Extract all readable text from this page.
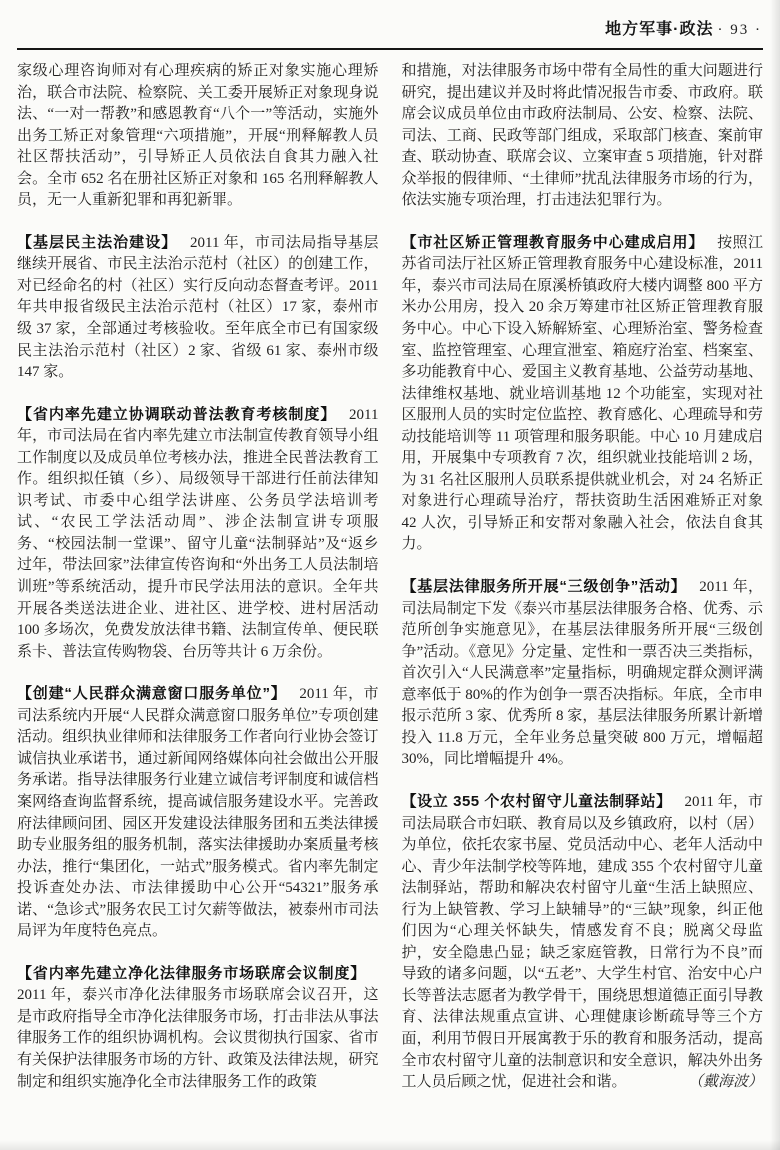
地方军事·政法 · 93 ·

家级心理咨询师对有心理疾病的矫正对象实施心理矫治，联合市法院、检察院、关工委开展矫正对象现身说法、“一对一帮教”和感恩教育“八个一”等活动，实施外出务工矫正对象管理“六项措施”，开展“刑释解教人员社区帮扶活动”，引导矫正人员依法自食其力融入社会。全市 652 名在册社区矫正对象和 165 名刑释解教人员，无一人重新犯罪和再犯新罪。

【基层民主法治建设】 2011 年，市司法局指导基层继续开展省、市民主法治示范村（社区）的创建工作，对已经命名的村（社区）实行反向动态督查考评。2011 年共申报省级民主法治示范村（社区）17 家，泰州市级 37 家，全部通过考核验收。至年底全市已有国家级民主法治示范村（社区）2 家、省级 61 家、泰州市级 147 家。

【省内率先建立协调联动普法教育考核制度】 2011 年，市司法局在省内率先建立市法制宣传教育领导小组工作制度以及成员单位考核办法，推进全民普法教育工作。组织拟任镇（乡）、局级领导干部进行任前法律知识考试、市委中心组学法讲座、公务员学法培训考试、“农民工学法活动周”、涉企法制宣讲专项服务、“校园法制一堂课”、留守儿童“法制驿站”及“返乡过年，带法回家”法律宣传咨询和“外出务工人员法制培训班”等系统活动，提升市民学法用法的意识。全年共开展各类送法进企业、进社区、进学校、进村居活动 100 多场次，免费发放法律书籍、法制宣传单、便民联系卡、普法宣传购物袋、台历等共计 6 万余份。

【创建“人民群众满意窗口服务单位”】 2011 年，市司法系统内开展“人民群众满意窗口服务单位”专项创建活动。组织执业律师和法律服务工作者向行业协会签订诚信执业承诺书，通过新闻网络媒体向社会做出公开服务承诺。指导法律服务行业建立诚信考评制度和诚信档案网络查询监督系统，提高诚信服务建设水平。完善政府法律顾问团、园区开发建设法律服务团和五类法律援助专业服务组的服务机制，落实法律援助办案质量考核办法，推行“集团化，一站式”服务模式。省内率先制定投诉查处办法、市法律援助中心公开“54321”服务承诺、“急诊式”服务农民工讨欠薪等做法，被泰州市司法局评为年度特色亮点。

【省内率先建立净化法律服务市场联席会议制度】2011 年，泰兴市净化法律服务市场联席会议召开，这是市政府指导全市净化法律服务市场，打击非法从事法律服务工作的组织协调机构。会议贯彻执行国家、省市有关保护法律服务市场的方针、政策及法律法规，研究制定和组织实施净化全市法律服务工作的政策

和措施，对法律服务市场中带有全局性的重大问题进行研究，提出建议并及时将此情况报告市委、市政府。联席会议成员单位由市政府法制局、公安、检察、法院、司法、工商、民政等部门组成，采取部门核查、案前审查、联动协查、联席会议、立案审查 5 项措施，针对群众举报的假律师、“土律师”扰乱法律服务市场的行为，依法实施专项治理，打击违法犯罪行为。

【市社区矫正管理教育服务中心建成启用】 按照江苏省司法厅社区矫正管理教育服务中心建设标准，2011 年，泰兴市司法局在原溪桥镇政府大楼内调整 800 平方米办公用房，投入 20 余万筹建市社区矫正管理教育服务中心。中心下设入矫解矫室、心理矫治室、警务检查室、监控管理室、心理宣泄室、箱庭疗治室、档案室、多功能教育中心、爱国主义教育基地、公益劳动基地、法律维权基地、就业培训基地 12 个功能室，实现对社区服刑人员的实时定位监控、教育感化、心理疏导和劳动技能培训等 11 项管理和服务职能。中心 10 月建成启用，开展集中专项教育 7 次，组织就业技能培训 2 场，为 31 名社区服刑人员联系提供就业机会，对 24 名矫正对象进行心理疏导治疗，帮扶资助生活困难矫正对象 42 人次，引导矫正和安帮对象融入社会，依法自食其力。

【基层法律服务所开展“三级创争”活动】 2011 年，司法局制定下发《泰兴市基层法律服务合格、优秀、示范所创争实施意见》，在基层法律服务所开展“三级创争”活动。《意见》分定量、定性和一票否决三类指标，首次引入“人民满意率”定量指标，明确规定群众测评满意率低于 80%的作为创争一票否决指标。年底，全市申报示范所 3 家、优秀所 8 家，基层法律服务所累计新增投入 11.8 万元，全年业务总量突破 800 万元，增幅超 30%，同比增幅提升 4%。

【设立 355 个农村留守儿童法制驿站】 2011 年，市司法局联合市妇联、教育局以及乡镇政府，以村（居）为单位，依托农家书屋、党员活动中心、老年人活动中心、青少年法制学校等阵地，建成 355 个农村留守儿童法制驿站，帮助和解决农村留守儿童“生活上缺照应、行为上缺管教、学习上缺辅导”的“三缺”现象，纠正他们因为“心理关怀缺失，情感发育不良；脱离父母监护，安全隐患凸显；缺乏家庭管教，日常行为不良”而导致的诸多问题，以“五老”、大学生村官、治安中心户长等普法志愿者为教学骨干，围绕思想道德正面引导教育、法律法规重点宣讲、心理健康诊断疏导等三个方面，利用节假日开展寓教于乐的教育和服务活动，提高全市农村留守儿童的法制意识和安全意识，解决外出务工人员后顾之忧，促进社会和谐。	（戴海波）
